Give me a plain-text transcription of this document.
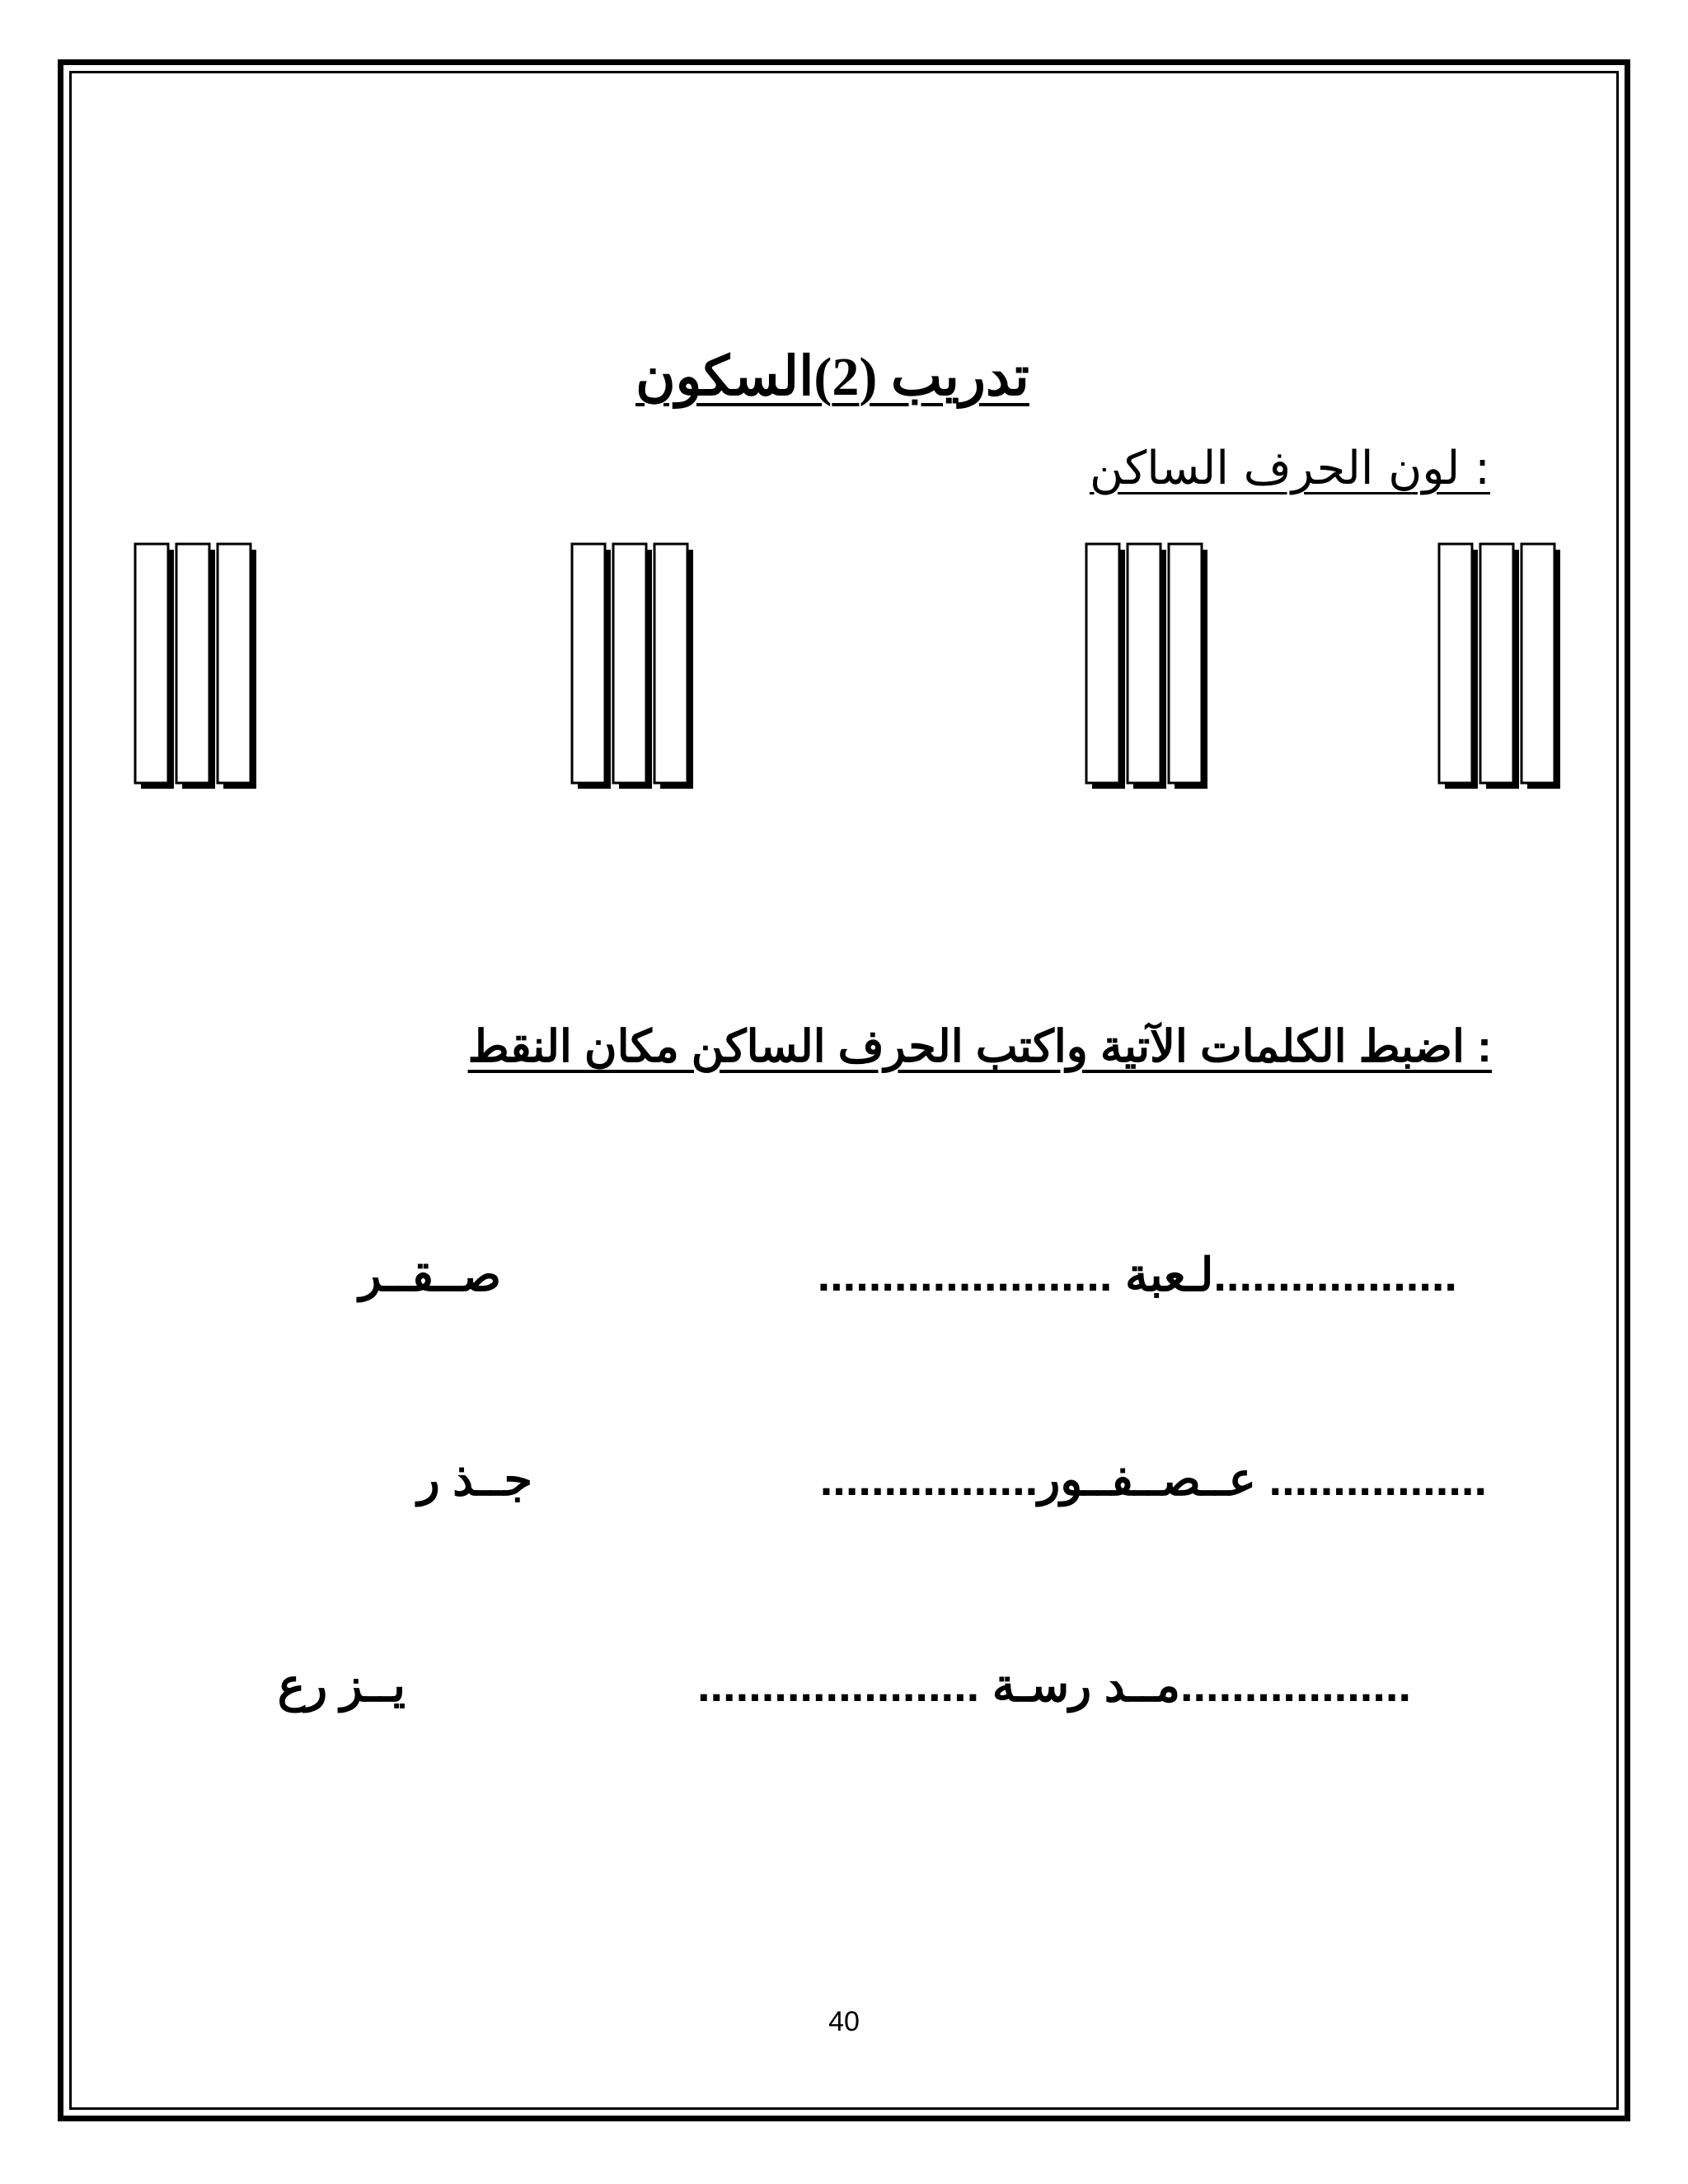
تدريب (2)السكون
: لون الحرف الساكن
: اضبط الكلمات الآتية واكتب الحرف الساكن مكان النقط
صــقــر	...................لـعبة .......................
جــذ ر	................. عــصــفــور.................
يــز رع	..................مــد رسـة ......................
40
